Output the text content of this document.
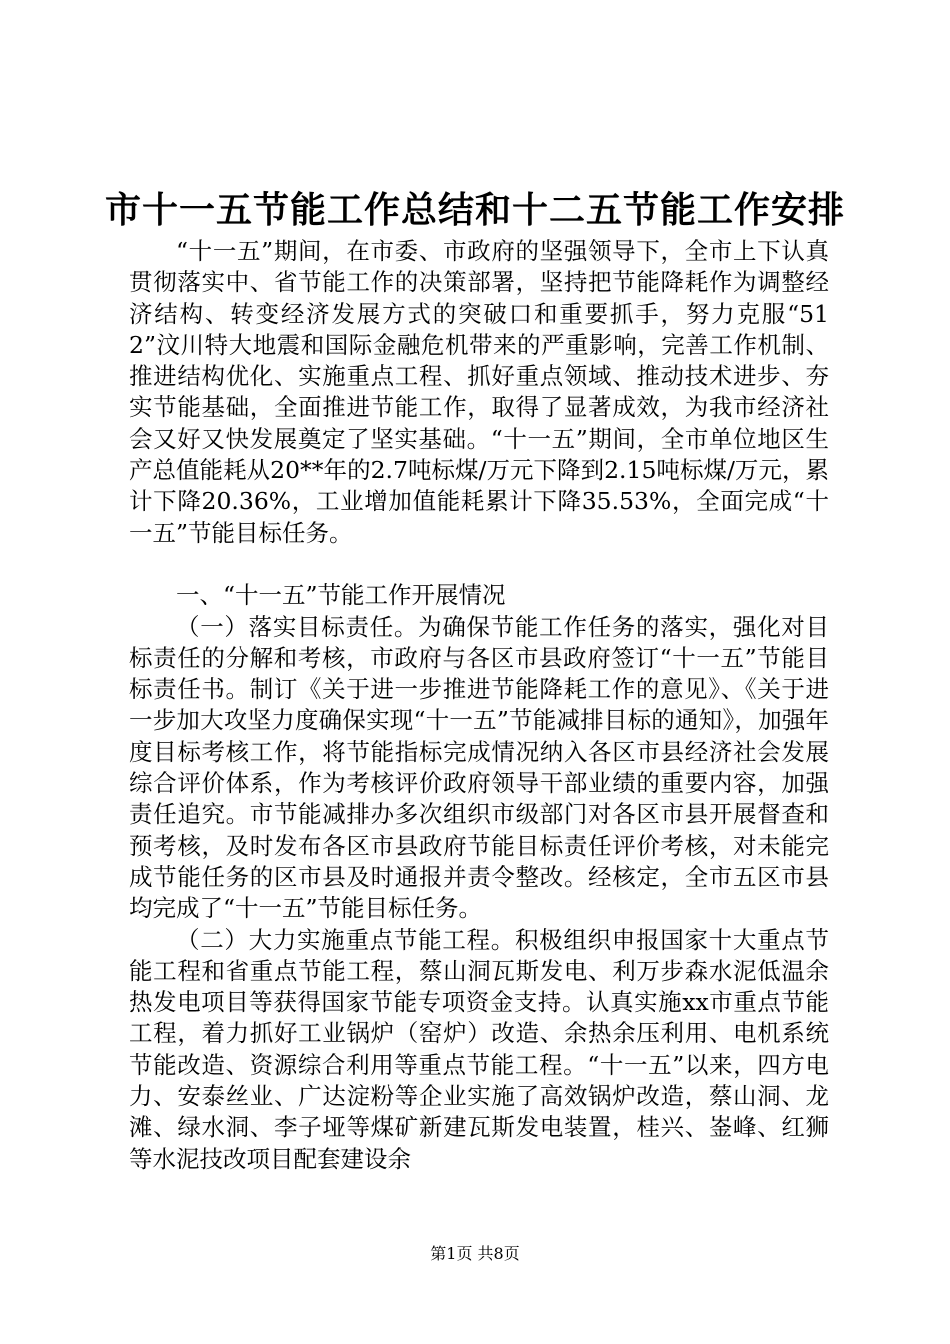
市十一五节能工作总结和十二五节能工作安排

“十一五”期间，在市委、市政府的坚强领导下，全市上下认真贯彻落实中、省节能工作的决策部署，坚持把节能降耗作为调整经济结构、转变经济发展方式的突破口和重要抓手，努力克服“512”汶川特大地震和国际金融危机带来的严重影响，完善工作机制、推进结构优化、实施重点工程、抓好重点领域、推动技术进步、夯实节能基础，全面推进节能工作，取得了显著成效，为我市经济社会又好又快发展奠定了坚实基础。“十一五”期间，全市单位地区生产总值能耗从20**年的2.7吨标煤/万元下降到2.15吨标煤/万元，累计下降20.36%，工业增加值能耗累计下降35.53%，全面完成“十一五”节能目标任务。

一、“十一五”节能工作开展情况

（一）落实目标责任。为确保节能工作任务的落实，强化对目标责任的分解和考核，市政府与各区市县政府签订“十一五”节能目标责任书。制订《关于进一步推进节能降耗工作的意见》、《关于进一步加大攻坚力度确保实现“十一五”节能减排目标的通知》，加强年度目标考核工作，将节能指标完成情况纳入各区市县经济社会发展综合评价体系，作为考核评价政府领导干部业绩的重要内容，加强责任追究。市节能减排办多次组织市级部门对各区市县开展督查和预考核，及时发布各区市县政府节能目标责任评价考核，对未能完成节能任务的区市县及时通报并责令整改。经核定，全市五区市县均完成了“十一五”节能目标任务。

（二）大力实施重点节能工程。积极组织申报国家十大重点节能工程和省重点节能工程，蔡山洞瓦斯发电、利万步森水泥低温余热发电项目等获得国家节能专项资金支持。认真实施xx市重点节能工程，着力抓好工业锅炉（窑炉）改造、余热余压利用、电机系统节能改造、资源综合利用等重点节能工程。“十一五”以来，四方电力、安泰丝业、广达淀粉等企业实施了高效锅炉改造，蔡山洞、龙滩、绿水洞、李子垭等煤矿新建瓦斯发电装置，桂兴、崟峰、红狮等水泥技改项目配套建设余

第1页 共8页
